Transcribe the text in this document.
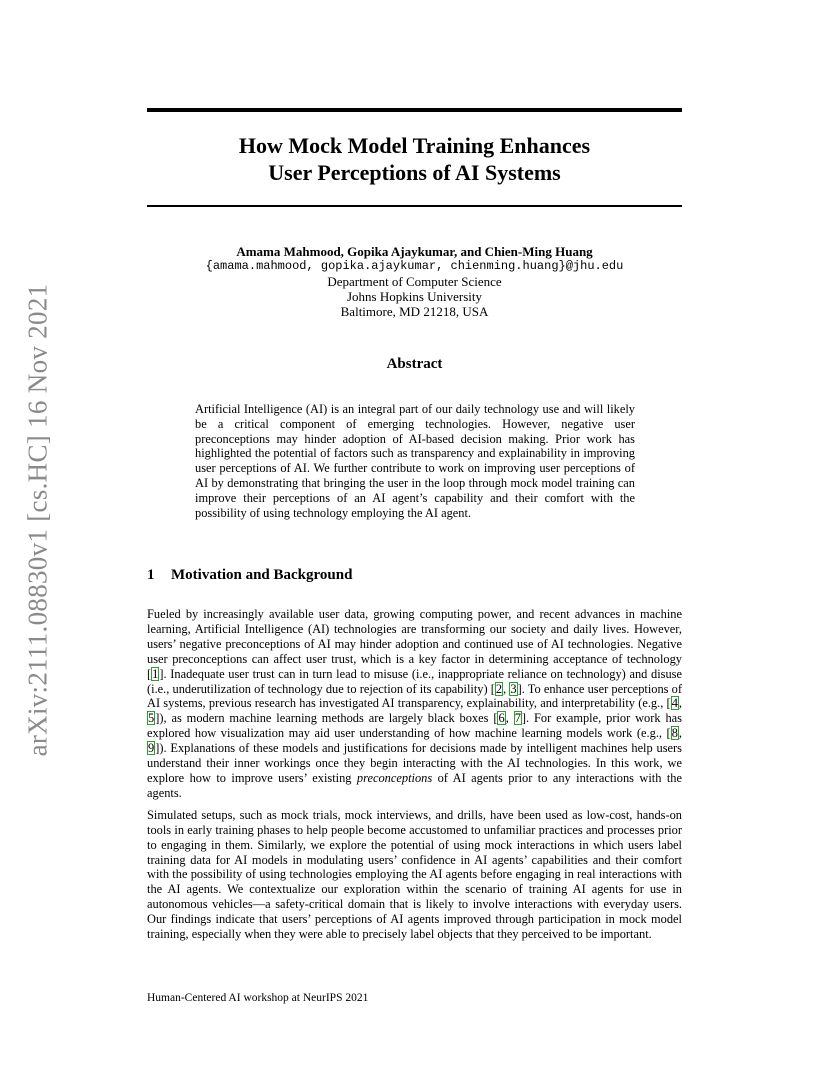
arXiv:2111.08830v1 [cs.HC] 16 Nov 2021
How Mock Model Training Enhances
User Perceptions of AI Systems
Amama Mahmood, Gopika Ajaykumar, and Chien-Ming Huang
{amama.mahmood, gopika.ajaykumar, chienming.huang}@jhu.edu
Department of Computer Science
Johns Hopkins University
Baltimore, MD 21218, USA
Abstract
Artificial Intelligence (AI) is an integral part of our daily technology use and will likely be a critical component of emerging technologies. However, negative user preconceptions may hinder adoption of AI-based decision making. Prior work has highlighted the potential of factors such as transparency and explainability in improving user perceptions of AI. We further contribute to work on improving user perceptions of AI by demonstrating that bringing the user in the loop through mock model training can improve their perceptions of an AI agent’s capability and their comfort with the possibility of using technology employing the AI agent.
1 Motivation and Background

Fueled by increasingly available user data, growing computing power, and recent advances in machine learning, Artificial Intelligence (AI) technologies are transforming our society and daily lives. However, users’ negative preconceptions of AI may hinder adoption and continued use of AI technologies. Negative user preconceptions can affect user trust, which is a key factor in determining acceptance of technology [1]. Inadequate user trust can in turn lead to misuse (i.e., inappropriate reliance on technology) and disuse (i.e., underutilization of technology due to rejection of its capability) [2, 3]. To enhance user perceptions of AI systems, previous research has investigated AI transparency, explainability, and interpretability (e.g., [4, 5]), as modern machine learning methods are largely black boxes [6, 7]. For example, prior work has explored how visualization may aid user understanding of how machine learning models work (e.g., [8, 9]). Explanations of these models and justifications for decisions made by intelligent machines help users understand their inner workings once they begin interacting with the AI technologies. In this work, we explore how to improve users’ existing preconceptions of AI agents prior to any interactions with the agents.

Simulated setups, such as mock trials, mock interviews, and drills, have been used as low-cost, hands-on tools in early training phases to help people become accustomed to unfamiliar practices and processes prior to engaging in them. Similarly, we explore the potential of using mock interactions in which users label training data for AI models in modulating users’ confidence in AI agents’ capabilities and their comfort with the possibility of using technologies employing the AI agents before engaging in real interactions with the AI agents. We contextualize our exploration within the scenario of training AI agents for use in autonomous vehicles—a safety-critical domain that is likely to involve interactions with everyday users. Our findings indicate that users’ perceptions of AI agents improved through participation in mock model training, especially when they were able to precisely label objects that they perceived to be important.

Human-Centered AI workshop at NeurIPS 2021
